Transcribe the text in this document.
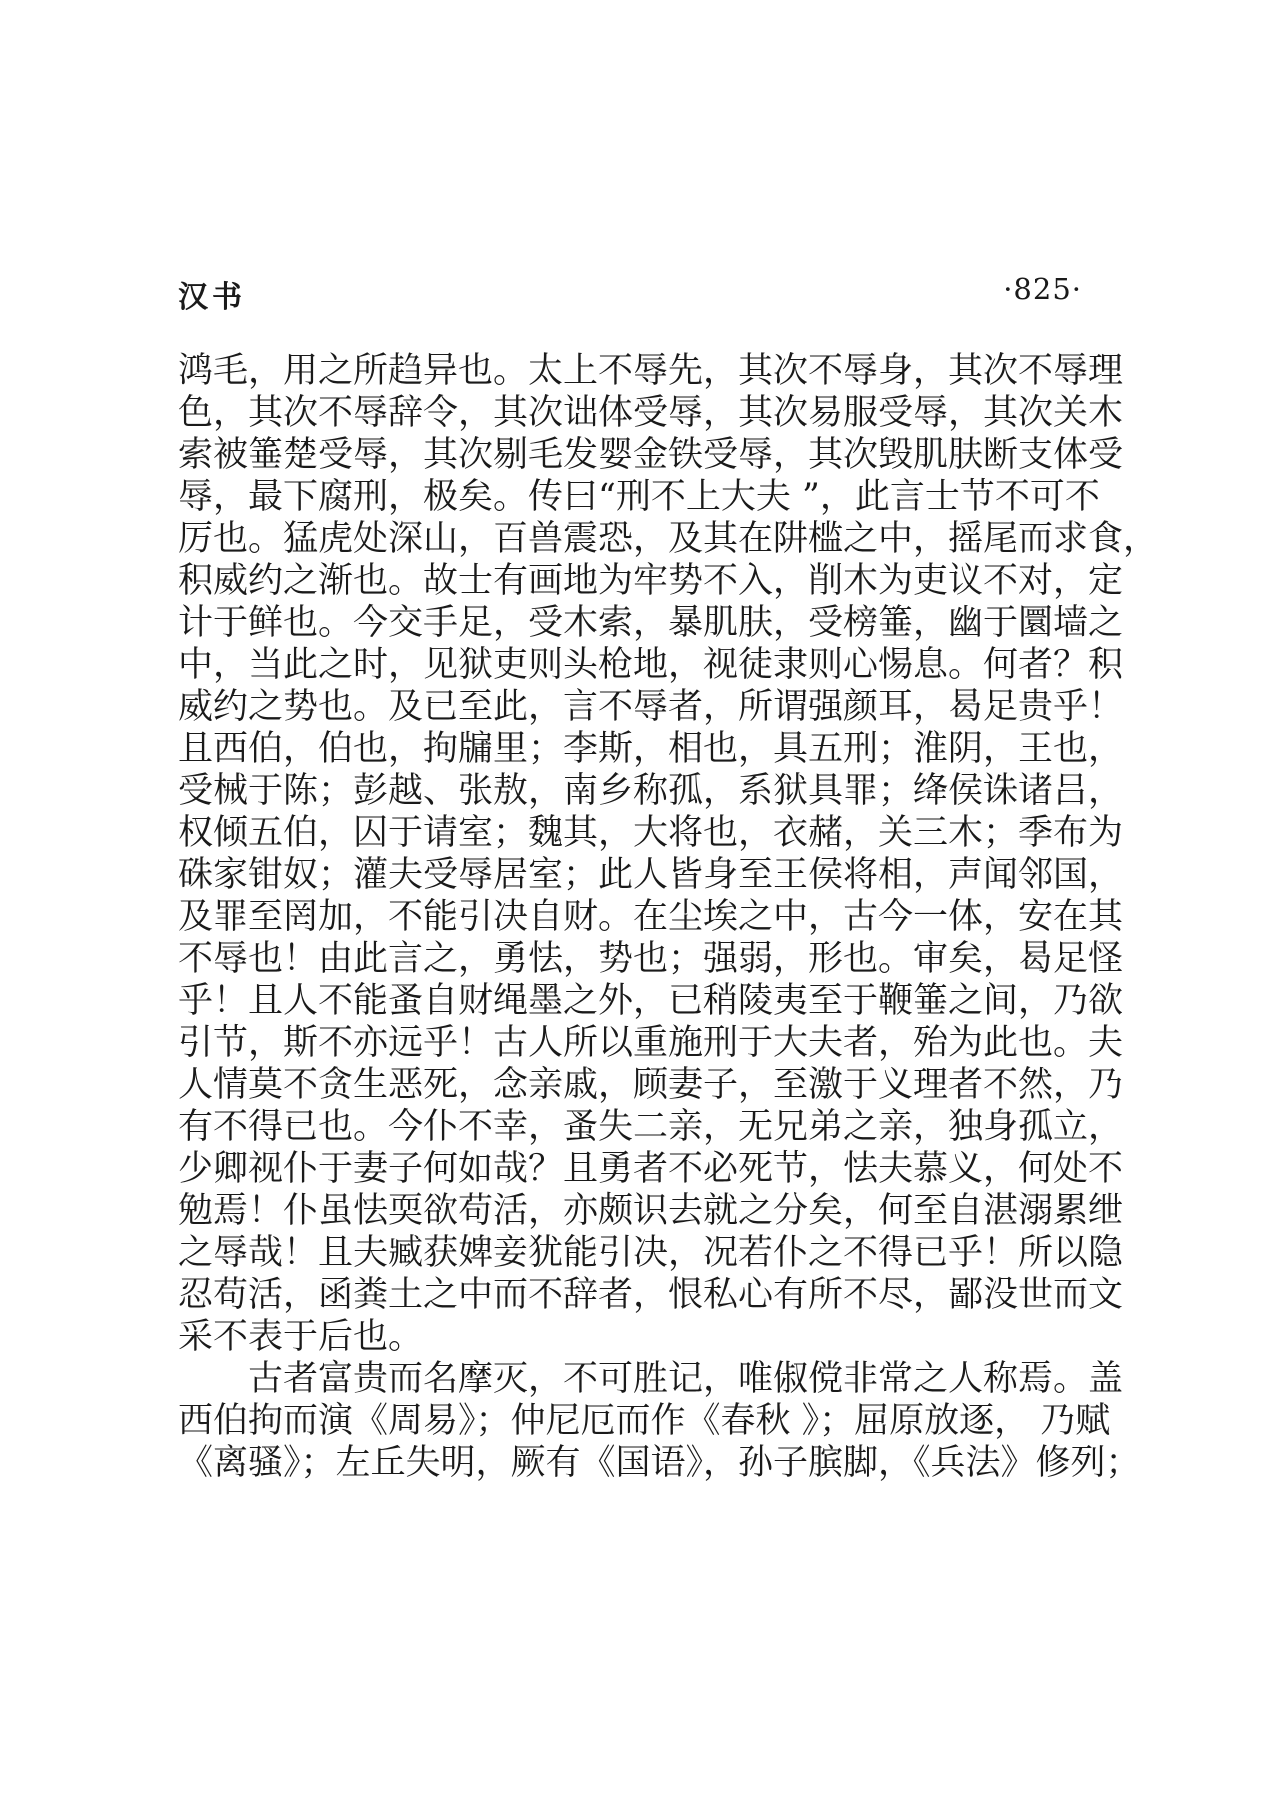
汉书	·825·
鸿毛，用之所趋异也。太上不辱先，其次不辱身，其次不辱理
色，其次不辱辞令，其次诎体受辱，其次易服受辱，其次关木
索被箠楚受辱，其次剔毛发婴金铁受辱，其次毁肌肤断支体受
辱，最下腐刑，极矣。传曰“刑不上大夫 ”，此言士节不可不
厉也。猛虎处深山，百兽震恐，及其在阱槛之中，摇尾而求食，
积威约之渐也。故士有画地为牢势不入，削木为吏议不对，定
计于鲜也。今交手足，受木索，暴肌肤，受榜箠，幽于圜墙之
中，当此之时，见狱吏则头枪地，视徒隶则心惕息。何者？积
威约之势也。及已至此，言不辱者，所谓强颜耳，曷足贵乎！
且西伯，伯也，拘牖里；李斯，相也，具五刑；淮阴，王也，
受械于陈；彭越、张敖，南乡称孤，系狱具罪；绛侯诛诸吕，
权倾五伯，囚于请室；魏其，大将也，衣赭，关三木；季布为
硃家钳奴；灌夫受辱居室；此人皆身至王侯将相，声闻邻国，
及罪至罔加，不能引决自财。在尘埃之中，古今一体，安在其
不辱也！由此言之，勇怯，势也；强弱，形也。审矣，曷足怪
乎！且人不能蚤自财绳墨之外，已稍陵夷至于鞭箠之间，乃欲
引节，斯不亦远乎！古人所以重施刑于大夫者，殆为此也。夫
人情莫不贪生恶死，念亲戚，顾妻子，至激于义理者不然，乃
有不得已也。今仆不幸，蚤失二亲，无兄弟之亲，独身孤立，
少卿视仆于妻子何如哉？且勇者不必死节，怯夫慕义，何处不
勉焉！仆虽怯耎欲苟活，亦颇识去就之分矣，何至自湛溺累绁
之辱哉！且夫臧获婢妾犹能引决，况若仆之不得已乎！所以隐
忍苟活，函粪土之中而不辞者，恨私心有所不尽，鄙没世而文
采不表于后也。
　　古者富贵而名摩灭，不可胜记，唯俶傥非常之人称焉。盖
西伯拘而演《周易》；仲尼厄而作《春秋 》；屈原放逐， 乃赋
《离骚》；左丘失明，厥有《国语》，孙子膑脚，《兵法》修列；
